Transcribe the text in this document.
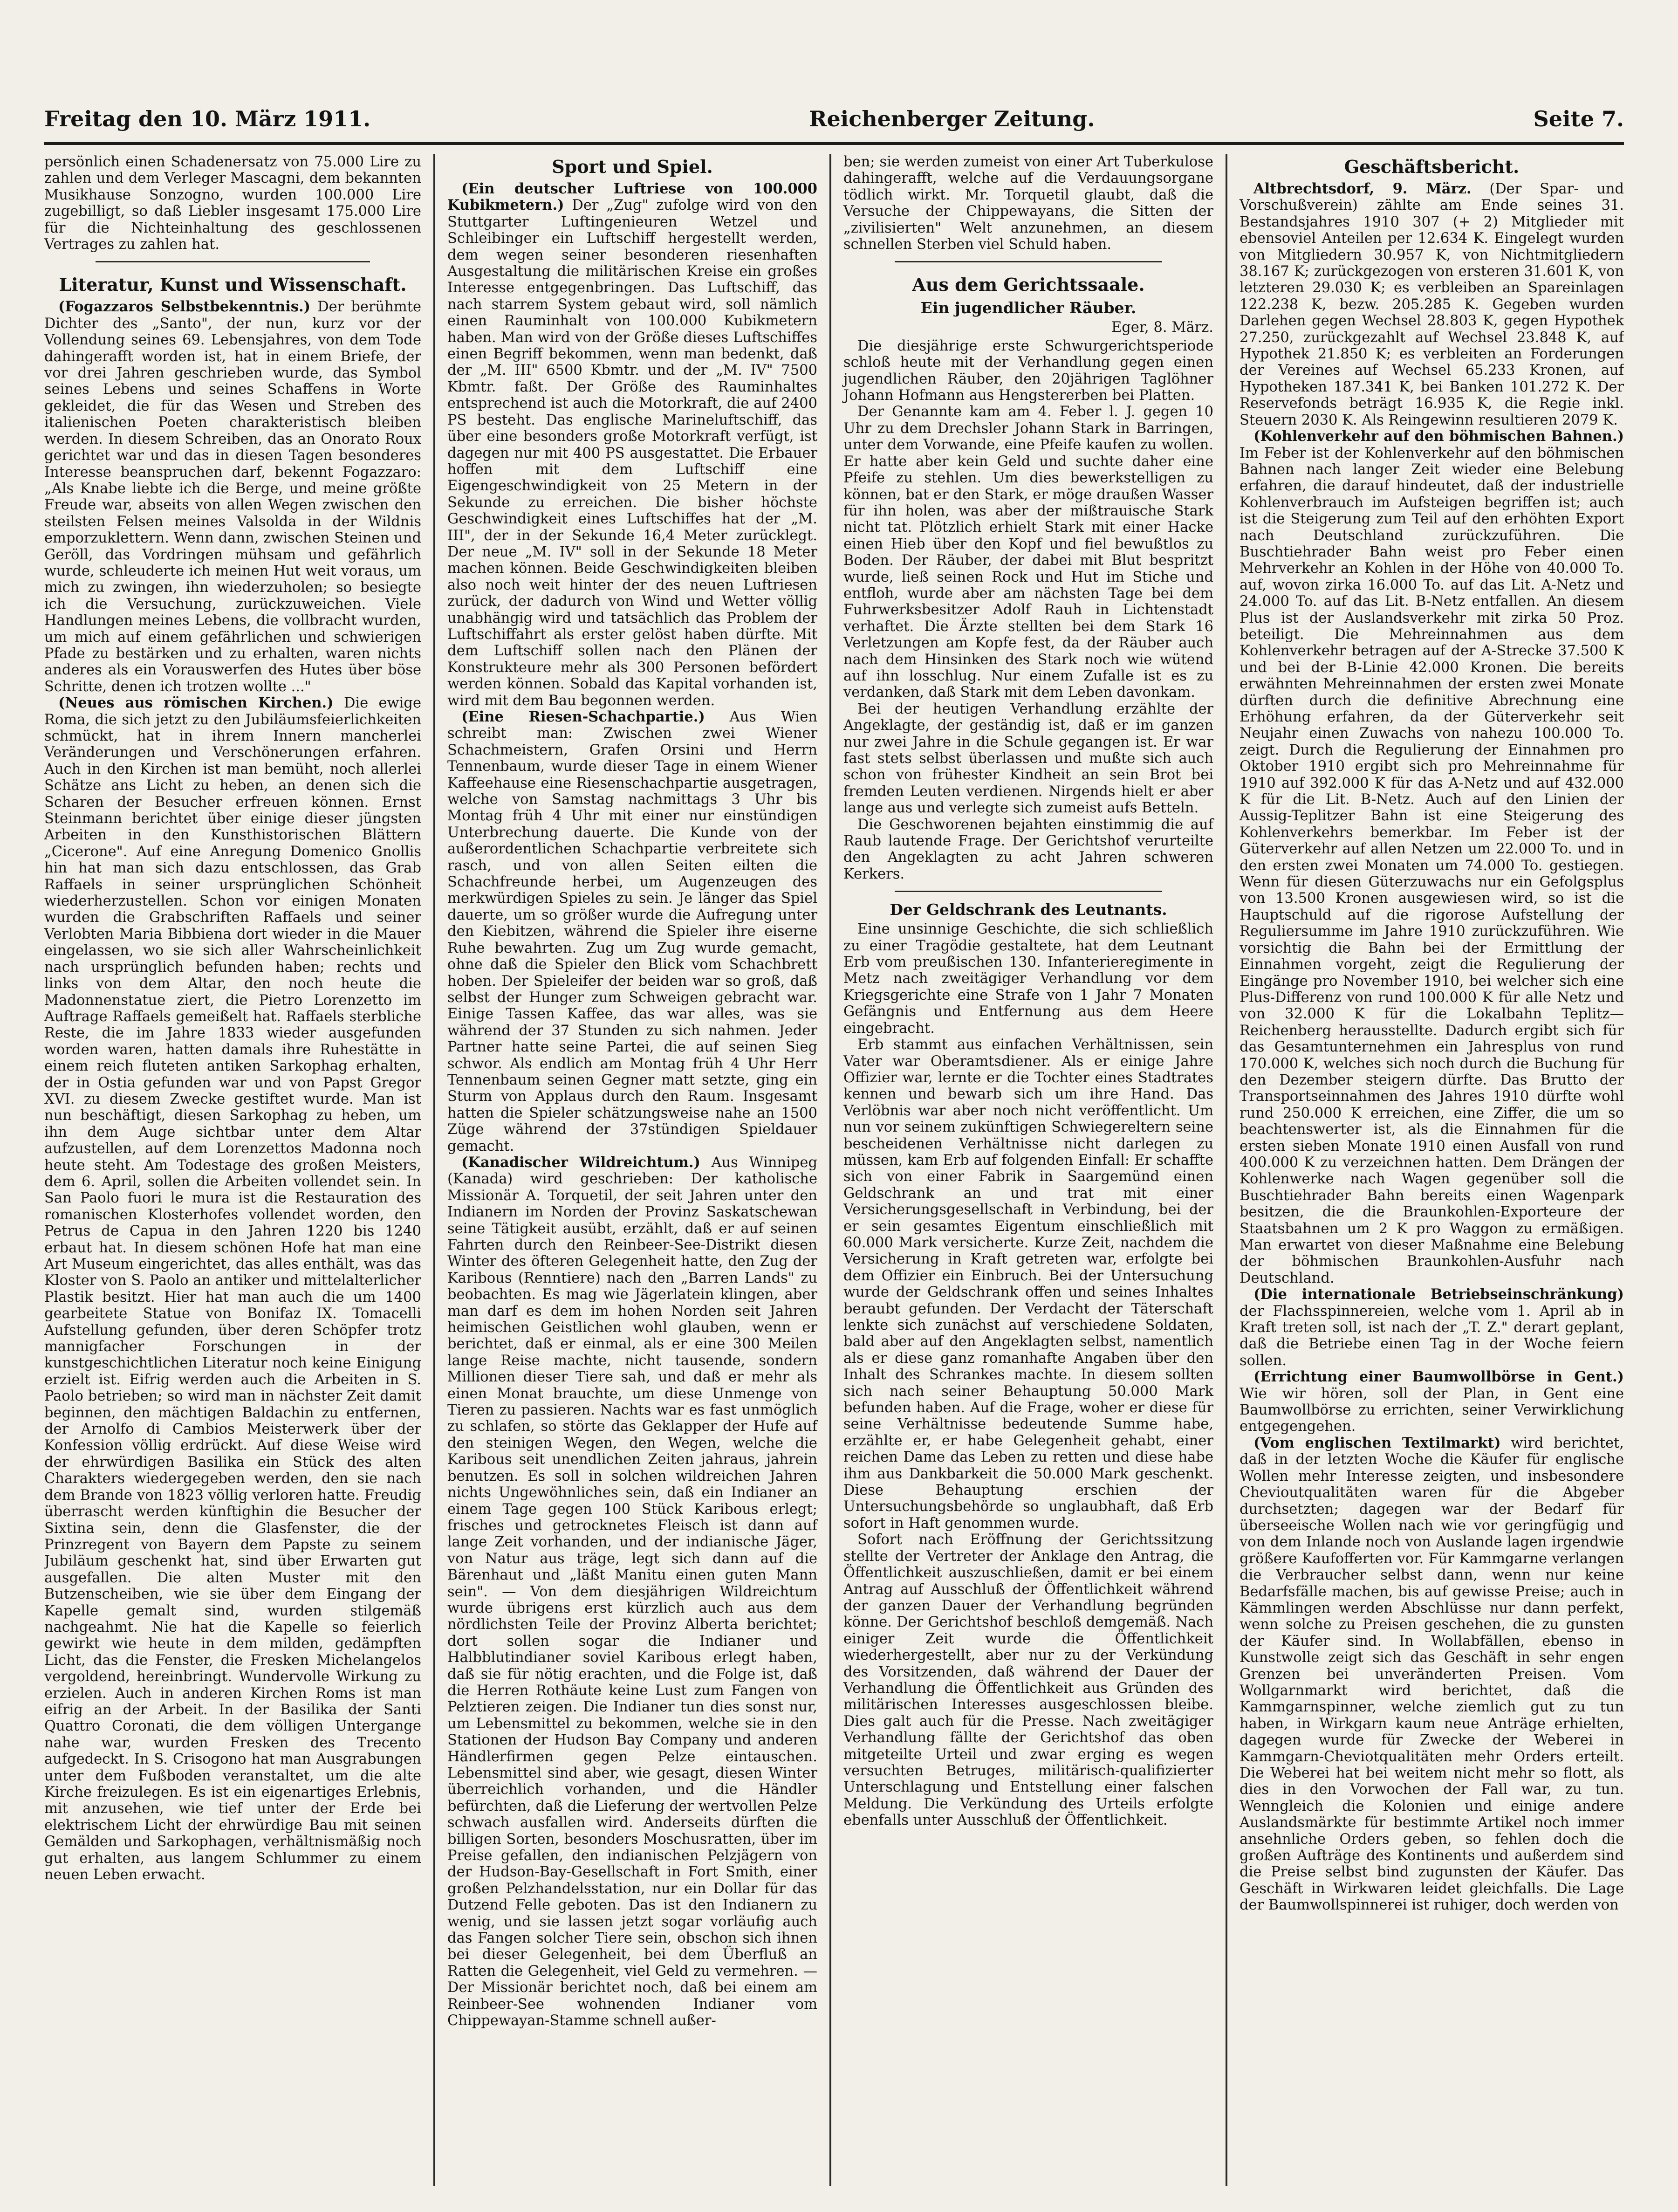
Freitag den 10. März 1911.	Reichenberger Zeitung.	Seite 7.

persönlich einen Schadenersatz von 75.000 Lire zu zahlen und dem Verleger Mascagni, dem bekannten Musikhause Sonzogno, wurden 100.000 Lire zugebilligt, so daß Liebler insgesamt 175.000 Lire für die Nichteinhaltung des geschlossenen Vertrages zu zahlen hat.

Literatur, Kunst und Wissenschaft.

(Fogazzaros Selbstbekenntnis.) Der berühmte Dichter des „Santo", der nun, kurz vor der Vollendung seines 69. Lebensjahres, von dem Tode dahingerafft worden ist, hat in einem Briefe, der vor drei Jahren geschrieben wurde, das Symbol seines Lebens und seines Schaffens in Worte gekleidet, die für das Wesen und Streben des italienischen Poeten charakteristisch bleiben werden. In diesem Schreiben, das an Onorato Roux gerichtet war und das in diesen Tagen besonderes Interesse beanspruchen darf, bekennt Fogazzaro: „Als Knabe liebte ich die Berge, und meine größte Freude war, abseits von allen Wegen zwischen den steilsten Felsen meines Valsolda in der Wildnis emporzuklettern. Wenn dann, zwischen Steinen und Geröll, das Vordringen mühsam und gefährlich wurde, schleuderte ich meinen Hut weit voraus, um mich zu zwingen, ihn wiederzuholen; so besiegte ich die Versuchung, zurückzuweichen. Viele Handlungen meines Lebens, die vollbracht wurden, um mich auf einem gefährlichen und schwierigen Pfade zu bestärken und zu erhalten, waren nichts anderes als ein Vorauswerfen des Hutes über böse Schritte, denen ich trotzen wollte ..."

(Neues aus römischen Kirchen.) Die ewige Roma, die sich jetzt zu den Jubiläumsfeierlichkeiten schmückt, hat in ihrem Innern mancherlei Veränderungen und Verschönerungen erfahren. Auch in den Kirchen ist man bemüht, noch allerlei Schätze ans Licht zu heben, an denen sich die Scharen der Besucher erfreuen können. Ernst Steinmann berichtet über einige dieser jüngsten Arbeiten in den Kunsthistorischen Blättern „Cicerone". Auf eine Anregung Domenico Gnollis hin hat man sich dazu entschlossen, das Grab Raffaels in seiner ursprünglichen Schönheit wiederherzustellen. Schon vor einigen Monaten wurden die Grabschriften Raffaels und seiner Verlobten Maria Bibbiena dort wieder in die Mauer eingelassen, wo sie sich aller Wahrscheinlichkeit nach ursprünglich befunden haben; rechts und links von dem Altar, den noch heute die Madonnenstatue ziert, die Pietro Lorenzetto im Auftrage Raffaels gemeißelt hat. Raffaels sterbliche Reste, die im Jahre 1833 wieder ausgefunden worden waren, hatten damals ihre Ruhestätte in einem reich fluteten antiken Sarkophag erhalten, der in Ostia gefunden war und von Papst Gregor XVI. zu diesem Zwecke gestiftet wurde. Man ist nun beschäftigt, diesen Sarkophag zu heben, um ihn dem Auge sichtbar unter dem Altar aufzustellen, auf dem Lorenzettos Madonna noch heute steht. Am Todestage des großen Meisters, dem 6. April, sollen die Arbeiten vollendet sein. In San Paolo fuori le mura ist die Restauration des romanischen Klosterhofes vollendet worden, den Petrus de Capua in den Jahren 1220 bis 1240 erbaut hat. In diesem schönen Hofe hat man eine Art Museum eingerichtet, das alles enthält, was das Kloster von S. Paolo an antiker und mittelalterlicher Plastik besitzt. Hier hat man auch die um 1400 gearbeitete Statue von Bonifaz IX. Tomacelli Aufstellung gefunden, über deren Schöpfer trotz mannigfacher Forschungen in der kunstgeschichtlichen Literatur noch keine Einigung erzielt ist. Eifrig werden auch die Arbeiten in S. Paolo betrieben; so wird man in nächster Zeit damit beginnen, den mächtigen Baldachin zu entfernen, der Arnolfo di Cambios Meisterwerk über der Konfession völlig erdrückt. Auf diese Weise wird der ehrwürdigen Basilika ein Stück des alten Charakters wiedergegeben werden, den sie nach dem Brande von 1823 völlig verloren hatte. Freudig überrascht werden künftighin die Besucher der Sixtina sein, denn die Glasfenster, die der Prinzregent von Bayern dem Papste zu seinem Jubiläum geschenkt hat, sind über Erwarten gut ausgefallen. Die alten Muster mit den Butzenscheiben, wie sie über dem Eingang der Kapelle gemalt sind, wurden stilgemäß nachgeahmt. Nie hat die Kapelle so feierlich gewirkt wie heute in dem milden, gedämpften Licht, das die Fenster, die Fresken Michelangelos vergoldend, hereinbringt. Wundervolle Wirkung zu erzielen. Auch in anderen Kirchen Roms ist man eifrig an der Arbeit. In der Basilika der Santi Quattro Coronati, die dem völligen Untergange nahe war, wurden Fresken des Trecento aufgedeckt. In S. Crisogono hat man Ausgrabungen unter dem Fußboden veranstaltet, um die alte Kirche freizulegen. Es ist ein eigenartiges Erlebnis, mit anzusehen, wie tief unter der Erde bei elektrischem Licht der ehrwürdige Bau mit seinen Gemälden und Sarkophagen, verhältnismäßig noch gut erhalten, aus langem Schlummer zu einem neuen Leben erwacht.

Sport und Spiel.

(Ein deutscher Luftriese von 100.000 Kubikmetern.) Der „Zug" zufolge wird von den Stuttgarter Luftingenieuren Wetzel und Schleibinger ein Luftschiff hergestellt werden, dem wegen seiner besonderen riesenhaften Ausgestaltung die militärischen Kreise ein großes Interesse entgegenbringen. Das Luftschiff, das nach starrem System gebaut wird, soll nämlich einen Rauminhalt von 100.000 Kubikmetern haben. Man wird von der Größe dieses Luftschiffes einen Begriff bekommen, wenn man bedenkt, daß der „M. III" 6500 Kbmtr. und der „M. IV" 7500 Kbmtr. faßt. Der Größe des Rauminhaltes entsprechend ist auch die Motorkraft, die auf 2400 PS besteht. Das englische Marineluftschiff, das über eine besonders große Motorkraft verfügt, ist dagegen nur mit 400 PS ausgestattet. Die Erbauer hoffen mit dem Luftschiff eine Eigengeschwindigkeit von 25 Metern in der Sekunde zu erreichen. Die bisher höchste Geschwindigkeit eines Luftschiffes hat der „M. III", der in der Sekunde 16,4 Meter zurücklegt. Der neue „M. IV" soll in der Sekunde 18 Meter machen können. Beide Geschwindigkeiten bleiben also noch weit hinter der des neuen Luftriesen zurück, der dadurch von Wind und Wetter völlig unabhängig wird und tatsächlich das Problem der Luftschiffahrt als erster gelöst haben dürfte. Mit dem Luftschiff sollen nach den Plänen der Konstrukteure mehr als 300 Personen befördert werden können. Sobald das Kapital vorhanden ist, wird mit dem Bau begonnen werden.

(Eine Riesen-Schachpartie.) Aus Wien schreibt man: Zwischen zwei Wiener Schachmeistern, Grafen Orsini und Herrn Tennenbaum, wurde dieser Tage in einem Wiener Kaffeehause eine Riesenschachpartie ausgetragen, welche von Samstag nachmittags 3 Uhr bis Montag früh 4 Uhr mit einer nur einstündigen Unterbrechung dauerte. Die Kunde von der außerordentlichen Schachpartie verbreitete sich rasch, und von allen Seiten eilten die Schachfreunde herbei, um Augenzeugen des merkwürdigen Spieles zu sein. Je länger das Spiel dauerte, um so größer wurde die Aufregung unter den Kiebitzen, während die Spieler ihre eiserne Ruhe bewahrten. Zug um Zug wurde gemacht, ohne daß die Spieler den Blick vom Schachbrett hoben. Der Spieleifer der beiden war so groß, daß selbst der Hunger zum Schweigen gebracht war. Einige Tassen Kaffee, das war alles, was sie während der 37 Stunden zu sich nahmen. Jeder Partner hatte seine Partei, die auf seinen Sieg schwor. Als endlich am Montag früh 4 Uhr Herr Tennenbaum seinen Gegner matt setzte, ging ein Sturm von Applaus durch den Raum. Insgesamt hatten die Spieler schätzungsweise nahe an 1500 Züge während der 37stündigen Spieldauer gemacht.

(Kanadischer Wildreichtum.) Aus Winnipeg (Kanada) wird geschrieben: Der katholische Missionär A. Torquetil, der seit Jahren unter den Indianern im Norden der Provinz Saskatschewan seine Tätigkeit ausübt, erzählt, daß er auf seinen Fahrten durch den Reinbeer-See-Distrikt diesen Winter des öfteren Gelegenheit hatte, den Zug der Karibous (Renntiere) nach den „Barren Lands" zu beobachten. Es mag wie Jägerlatein klingen, aber man darf es dem im hohen Norden seit Jahren heimischen Geistlichen wohl glauben, wenn er berichtet, daß er einmal, als er eine 300 Meilen lange Reise machte, nicht tausende, sondern Millionen dieser Tiere sah, und daß er mehr als einen Monat brauchte, um diese Unmenge von Tieren zu passieren. Nachts war es fast unmöglich zu schlafen, so störte das Geklapper der Hufe auf den steinigen Wegen, den Wegen, welche die Karibous seit unendlichen Zeiten jahraus, jahrein benutzen. Es soll in solchen wildreichen Jahren nichts Ungewöhnliches sein, daß ein Indianer an einem Tage gegen 100 Stück Karibous erlegt; frisches und getrocknetes Fleisch ist dann auf lange Zeit vorhanden, und der indianische Jäger, von Natur aus träge, legt sich dann auf die Bärenhaut und „läßt Manitu einen guten Mann sein". — Von dem diesjährigen Wildreichtum wurde übrigens erst kürzlich auch aus dem nördlichsten Teile der Provinz Alberta berichtet; dort sollen sogar die Indianer und Halbblutindianer soviel Karibous erlegt haben, daß sie für nötig erachten, und die Folge ist, daß die Herren Rothäute keine Lust zum Fangen von Pelztieren zeigen. Die Indianer tun dies sonst nur, um Lebensmittel zu bekommen, welche sie in den Stationen der Hudson Bay Company und anderen Händlerfirmen gegen Pelze eintauschen. Lebensmittel sind aber, wie gesagt, diesen Winter überreichlich vorhanden, und die Händler befürchten, daß die Lieferung der wertvollen Pelze schwach ausfallen wird. Anderseits dürften die billigen Sorten, besonders Moschusratten, über im Preise gefallen, den indianischen Pelzjägern von der Hudson-Bay-Gesellschaft in Fort Smith, einer großen Pelzhandelsstation, nur ein Dollar für das Dutzend Felle geboten. Das ist den Indianern zu wenig, und sie lassen jetzt sogar vorläufig auch das Fangen solcher Tiere sein, obschon sich ihnen bei dieser Gelegenheit, bei dem Überfluß an Ratten die Gelegenheit, viel Geld zu vermehren. — Der Missionär berichtet noch, daß bei einem am Reinbeer-See wohnenden Indianer vom Chippewayan-Stamme schnell außer-

ben; sie werden zumeist von einer Art Tuberkulose dahingerafft, welche auf die Verdauungsorgane tödlich wirkt. Mr. Torquetil glaubt, daß die Versuche der Chippewayans, die Sitten der „zivilisierten" Welt anzunehmen, an diesem schnellen Sterben viel Schuld haben.

Aus dem Gerichtssaale.
Ein jugendlicher Räuber.
Eger, 8. März.

Die diesjährige erste Schwurgerichtsperiode schloß heute mit der Verhandlung gegen einen jugendlichen Räuber, den 20jährigen Taglöhner Johann Hofmann aus Hengstererben bei Platten.

Der Genannte kam am 4. Feber l. J. gegen 10 Uhr zu dem Drechsler Johann Stark in Barringen, unter dem Vorwande, eine Pfeife kaufen zu wollen. Er hatte aber kein Geld und suchte daher eine Pfeife zu stehlen. Um dies bewerkstelligen zu können, bat er den Stark, er möge draußen Wasser für ihn holen, was aber der mißtrauische Stark nicht tat. Plötzlich erhielt Stark mit einer Hacke einen Hieb über den Kopf und fiel bewußtlos zu Boden. Der Räuber, der dabei mit Blut bespritzt wurde, ließ seinen Rock und Hut im Stiche und entfloh, wurde aber am nächsten Tage bei dem Fuhrwerksbesitzer Adolf Rauh in Lichtenstadt verhaftet. Die Ärzte stellten bei dem Stark 16 Verletzungen am Kopfe fest, da der Räuber auch nach dem Hinsinken des Stark noch wie wütend auf ihn losschlug. Nur einem Zufalle ist es zu verdanken, daß Stark mit dem Leben davonkam.

Bei der heutigen Verhandlung erzählte der Angeklagte, der geständig ist, daß er im ganzen nur zwei Jahre in die Schule gegangen ist. Er war fast stets selbst überlassen und mußte sich auch schon von frühester Kindheit an sein Brot bei fremden Leuten verdienen. Nirgends hielt er aber lange aus und verlegte sich zumeist aufs Betteln.

Die Geschworenen bejahten einstimmig die auf Raub lautende Frage. Der Gerichtshof verurteilte den Angeklagten zu acht Jahren schweren Kerkers.

Der Geldschrank des Leutnants.

Eine unsinnige Geschichte, die sich schließlich zu einer Tragödie gestaltete, hat dem Leutnant Erb vom preußischen 130. Infanterieregimente in Metz nach zweitägiger Verhandlung vor dem Kriegsgerichte eine Strafe von 1 Jahr 7 Monaten Gefängnis und Entfernung aus dem Heere eingebracht.

Erb stammt aus einfachen Verhältnissen, sein Vater war Oberamtsdiener. Als er einige Jahre Offizier war, lernte er die Tochter eines Stadtrates kennen und bewarb sich um ihre Hand. Das Verlöbnis war aber noch nicht veröffentlicht. Um nun vor seinem zukünftigen Schwiegereltern seine bescheidenen Verhältnisse nicht darlegen zu müssen, kam Erb auf folgenden Einfall: Er schaffte sich von einer Fabrik in Saargemünd einen Geldschrank an und trat mit einer Versicherungsgesellschaft in Verbindung, bei der er sein gesamtes Eigentum einschließlich mit 60.000 Mark versicherte. Kurze Zeit, nachdem die Versicherung in Kraft getreten war, erfolgte bei dem Offizier ein Einbruch. Bei der Untersuchung wurde der Geldschrank offen und seines Inhaltes beraubt gefunden. Der Verdacht der Täterschaft lenkte sich zunächst auf verschiedene Soldaten, bald aber auf den Angeklagten selbst, namentlich als er diese ganz romanhafte Angaben über den Inhalt des Schrankes machte. In diesem sollten sich nach seiner Behauptung 50.000 Mark befunden haben. Auf die Frage, woher er diese für seine Verhältnisse bedeutende Summe habe, erzählte er, er habe Gelegenheit gehabt, einer reichen Dame das Leben zu retten und diese habe ihm aus Dankbarkeit die 50.000 Mark geschenkt. Diese Behauptung erschien der Untersuchungsbehörde so unglaubhaft, daß Erb sofort in Haft genommen wurde.

Sofort nach Eröffnung der Gerichtssitzung stellte der Vertreter der Anklage den Antrag, die Öffentlichkeit auszuschließen, damit er bei einem Antrag auf Ausschluß der Öffentlichkeit während der ganzen Dauer der Verhandlung begründen könne. Der Gerichtshof beschloß demgemäß. Nach einiger Zeit wurde die Öffentlichkeit wiederhergestellt, aber nur zu der Verkündung des Vorsitzenden, daß während der Dauer der Verhandlung die Öffentlichkeit aus Gründen des militärischen Interesses ausgeschlossen bleibe. Dies galt auch für die Presse. Nach zweitägiger Verhandlung fällte der Gerichtshof das oben mitgeteilte Urteil und zwar erging es wegen versuchten Betruges, militärisch-qualifizierter Unterschlagung und Entstellung einer falschen Meldung. Die Verkündung des Urteils erfolgte ebenfalls unter Ausschluß der Öffentlichkeit.

Geschäftsbericht.

Altbrechtsdorf, 9. März. (Der Spar- und Vorschußverein) zählte am Ende seines 31. Bestandsjahres 1910 307 (+ 2) Mitglieder mit ebensoviel Anteilen per 12.634 K. Eingelegt wurden von Mitgliedern 30.957 K, von Nichtmitgliedern 38.167 K; zurückgezogen von ersteren 31.601 K, von letzteren 29.030 K; es verbleiben an Spareinlagen 122.238 K, bezw. 205.285 K. Gegeben wurden Darlehen gegen Wechsel 28.803 K, gegen Hypothek 27.250, zurückgezahlt auf Wechsel 23.848 K, auf Hypothek 21.850 K; es verbleiten an Forderungen der Vereines auf Wechsel 65.233 Kronen, auf Hypotheken 187.341 K, bei Banken 101.272 K. Der Reservefonds beträgt 16.935 K, die Regie inkl. Steuern 2030 K. Als Reingewinn resultieren 2079 K.

(Kohlenverkehr auf den böhmischen Bahnen.) Im Feber ist der Kohlenverkehr auf den böhmischen Bahnen nach langer Zeit wieder eine Belebung erfahren, die darauf hindeutet, daß der industrielle Kohlenverbrauch im Aufsteigen begriffen ist; auch ist die Steigerung zum Teil auf den erhöhten Export nach Deutschland zurückzuführen. Die Buschtiehrader Bahn weist pro Feber einen Mehrverkehr an Kohlen in der Höhe von 40.000 To. auf, wovon zirka 16.000 To. auf das Lit. A-Netz und 24.000 To. auf das Lit. B-Netz entfallen. An diesem Plus ist der Auslandsverkehr mit zirka 50 Proz. beteiligt. Die Mehreinnahmen aus dem Kohlenverkehr betragen auf der A-Strecke 37.500 K und bei der B-Linie 42.000 Kronen. Die bereits erwähnten Mehreinnahmen der ersten zwei Monate dürften durch die definitive Abrechnung eine Erhöhung erfahren, da der Güterverkehr seit Neujahr einen Zuwachs von nahezu 100.000 To. zeigt. Durch die Regulierung der Einnahmen pro Oktober 1910 ergibt sich pro Mehreinnahme für 1910 auf 392.000 K für das A-Netz und auf 432.000 K für die Lit. B-Netz. Auch auf den Linien der Aussig-Teplitzer Bahn ist eine Steigerung des Kohlenverkehrs bemerkbar. Im Feber ist der Güterverkehr auf allen Netzen um 22.000 To. und in den ersten zwei Monaten um 74.000 To. gestiegen. Wenn für diesen Güterzuwachs nur ein Gefolgsplus von 13.500 Kronen ausgewiesen wird, so ist die Hauptschuld auf die rigorose Aufstellung der Reguliersumme im Jahre 1910 zurückzuführen. Wie vorsichtig die Bahn bei der Ermittlung der Einnahmen vorgeht, zeigt die Regulierung der Eingänge pro November 1910, bei welcher sich eine Plus-Differenz von rund 100.000 K für alle Netz und von 32.000 K für die Lokalbahn Teplitz—Reichenberg herausstellte. Dadurch ergibt sich für das Gesamtunternehmen ein Jahresplus von rund 170.000 K, welches sich noch durch die Buchung für den Dezember steigern dürfte. Das Brutto der Transportseinnahmen des Jahres 1910 dürfte wohl rund 250.000 K erreichen, eine Ziffer, die um so beachtenswerter ist, als die Einnahmen für die ersten sieben Monate 1910 einen Ausfall von rund 400.000 K zu verzeichnen hatten. Dem Drängen der Kohlenwerke nach Wagen gegenüber soll die Buschtiehrader Bahn bereits einen Wagenpark besitzen, die die Braunkohlen-Exporteure der Staatsbahnen um 2 K pro Waggon zu ermäßigen. Man erwartet von dieser Maßnahme eine Belebung der böhmischen Braunkohlen-Ausfuhr nach Deutschland.

(Die internationale Betriebseinschränkung) der Flachsspinnereien, welche vom 1. April ab in Kraft treten soll, ist nach der „T. Z." derart geplant, daß die Betriebe einen Tag in der Woche feiern sollen.

(Errichtung einer Baumwollbörse in Gent.) Wie wir hören, soll der Plan, in Gent eine Baumwollbörse zu errichten, seiner Verwirklichung entgegengehen.

(Vom englischen Textilmarkt) wird berichtet, daß in der letzten Woche die Käufer für englische Wollen mehr Interesse zeigten, und insbesondere Chevioutqualitäten waren für die Abgeber durchsetzten; dagegen war der Bedarf für überseeische Wollen nach wie vor geringfügig und von dem Inlande noch von Auslande lagen irgendwie größere Kaufofferten vor. Für Kammgarne verlangen die Verbraucher selbst dann, wenn nur keine Bedarfsfälle machen, bis auf gewisse Preise; auch in Kämmlingen werden Abschlüsse nur dann perfekt, wenn solche zu Preisen geschehen, die zu gunsten der Käufer sind. In Wollabfällen, ebenso in Kunstwolle zeigt sich das Geschäft in sehr engen Grenzen bei unveränderten Preisen. Vom Wollgarnmarkt wird berichtet, daß die Kammgarnspinner, welche ziemlich gut zu tun haben, in Wirkgarn kaum neue Anträge erhielten, dagegen wurde für Zwecke der Weberei in Kammgarn-Cheviotqualitäten mehr Orders erteilt. Die Weberei hat bei weitem nicht mehr so flott, als dies in den Vorwochen der Fall war, zu tun. Wenngleich die Kolonien und einige andere Auslandsmärkte für bestimmte Artikel noch immer ansehnliche Orders geben, so fehlen doch die großen Aufträge des Kontinents und außerdem sind die Preise selbst bind zugunsten der Käufer. Das Geschäft in Wirkwaren leidet gleichfalls. Die Lage der Baumwollspinnerei ist ruhiger, doch werden von
